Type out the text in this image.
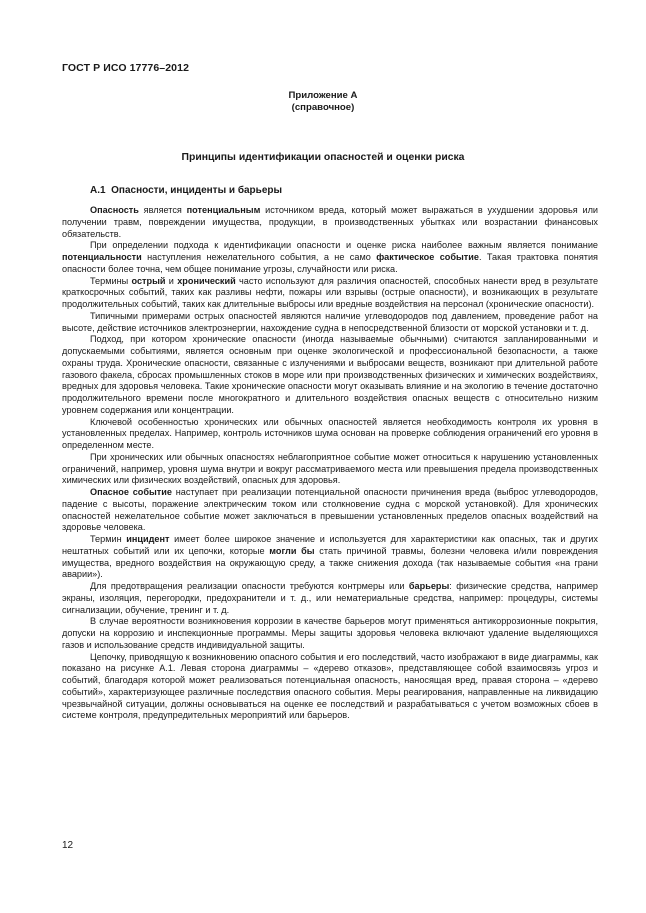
ГОСТ Р ИСО 17776–2012
Приложение А
(справочное)
Принципы идентификации опасностей и оценки риска
А.1 Опасности, инциденты и барьеры

Опасность является потенциальным источником вреда, который может выражаться в ухудшении здоровья или получении травм, повреждении имущества, продукции, в производственных убытках или возрастании финансовых обязательств.

При определении подхода к идентификации опасности и оценке риска наиболее важным является понимание потенциальности наступления нежелательного события, а не само фактическое событие. Такая трактовка понятия опасности более точна, чем общее понимание угрозы, случайности или риска.

Термины острый и хронический часто используют для различия опасностей, способных нанести вред в результате краткосрочных событий, таких как разливы нефти, пожары или взрывы (острые опасности), и возникающих в результате продолжительных событий, таких как длительные выбросы или вредные воздействия на персонал (хронические опасности).

Типичными примерами острых опасностей являются наличие углеводородов под давлением, проведение работ на высоте, действие источников электроэнергии, нахождение судна в непосредственной близости от морской установки и т. д.

Подход, при котором хронические опасности (иногда называемые обычными) считаются запланированными и допускаемыми событиями, является основным при оценке экологической и профессиональной безопасности, а также охраны труда. Хронические опасности, связанные с излучениями и выбросами веществ, возникают при длительной работе газового факела, сбросах промышленных стоков в море или при производственных физических и химических воздействиях, вредных для здоровья человека. Такие хронические опасности могут оказывать влияние и на экологию в течение достаточно продолжительного времени после многократного и длительного воздействия опасных веществ с относительно низким уровнем содержания или концентрации.

Ключевой особенностью хронических или обычных опасностей является необходимость контроля их уровня в установленных пределах. Например, контроль источников шума основан на проверке соблюдения ограничений его уровня в определенном месте.

При хронических или обычных опасностях неблагоприятное событие может относиться к нарушению установленных ограничений, например, уровня шума внутри и вокруг рассматриваемого места или превышения предела производственных химических или физических воздействий, опасных для здоровья.

Опасное событие наступает при реализации потенциальной опасности причинения вреда (выброс углеводородов, падение с высоты, поражение электрическим током или столкновение судна с морской установкой). Для хронических опасностей нежелательное событие может заключаться в превышении установленных пределов опасных воздействий на здоровье человека.

Термин инцидент имеет более широкое значение и используется для характеристики как опасных, так и других нештатных событий или их цепочки, которые могли бы стать причиной травмы, болезни человека и/или повреждения имущества, вредного воздействия на окружающую среду, а также снижения дохода (так называемые события «на грани аварии»).

Для предотвращения реализации опасности требуются контрмеры или барьеры: физические средства, например экраны, изоляция, перегородки, предохранители и т. д., или нематериальные средства, например: процедуры, системы сигнализации, обучение, тренинг и т. д.

В случае вероятности возникновения коррозии в качестве барьеров могут применяться антикоррозионные покрытия, допуски на коррозию и инспекционные программы. Меры защиты здоровья человека включают удаление выделяющихся газов и использование средств индивидуальной защиты.

Цепочку, приводящую к возникновению опасного события и его последствий, часто изображают в виде диаграммы, как показано на рисунке А.1. Левая сторона диаграммы – «дерево отказов», представляющее собой взаимосвязь угроз и событий, благодаря которой может реализоваться потенциальная опасность, наносящая вред, правая сторона – «дерево событий», характеризующее различные последствия опасного события. Меры реагирования, направленные на ликвидацию чрезвычайной ситуации, должны основываться на оценке ее последствий и разрабатываться с учетом возможных сбоев в системе контроля, предупредительных мероприятий или барьеров.

12
